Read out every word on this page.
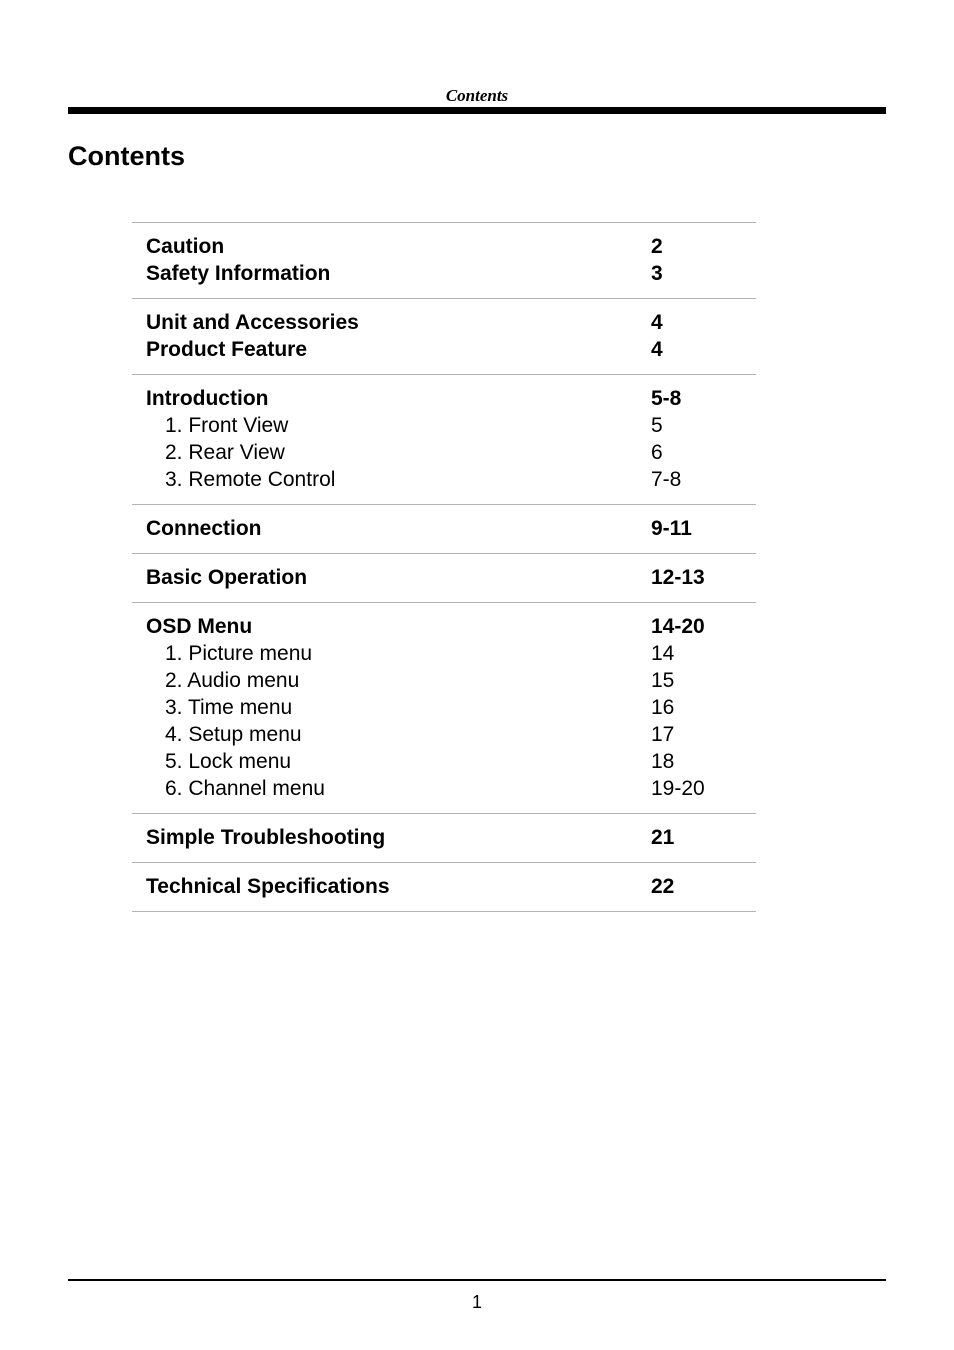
Contents
Contents
Caution	2
Safety Information	3
Unit and Accessories	4
Product Feature	4
Introduction	5-8
1. Front View	5
2. Rear View	6
3. Remote Control	7-8
Connection	9-11
Basic Operation	12-13
OSD Menu	14-20
1. Picture menu	14
2. Audio menu	15
3. Time menu	16
4. Setup menu	17
5. Lock menu	18
6. Channel menu	19-20
Simple Troubleshooting	21
Technical Specifications	22
1
